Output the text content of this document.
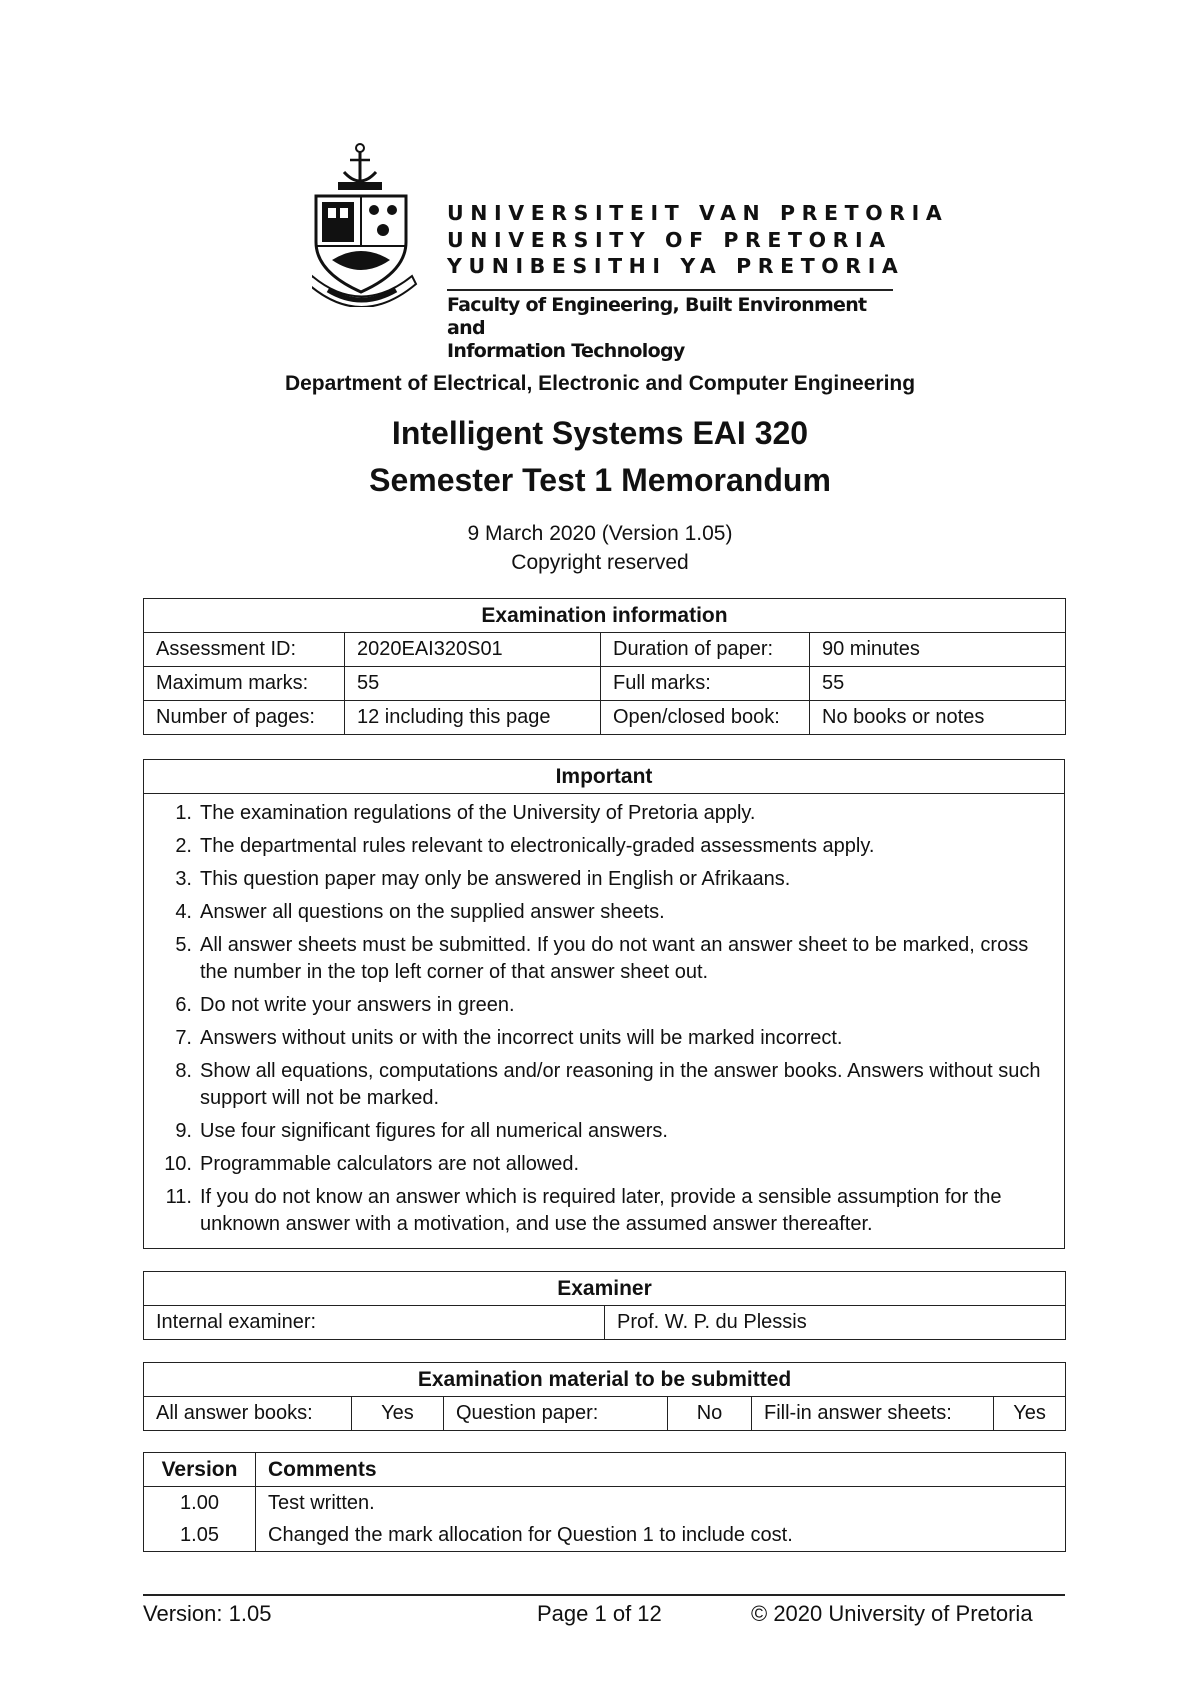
UNIVERSITEIT VAN PRETORIA
UNIVERSITY OF PRETORIA
YUNIBESITHI YA PRETORIA
Faculty of Engineering, Built Environment and
Information Technology
Department of Electrical, Electronic and Computer Engineering
Intelligent Systems EAI 320
Semester Test 1 Memorandum
9 March 2020 (Version 1.05)
Copyright reserved
Examination information			
Assessment ID:	2020EAI320S01	Duration of paper:	90 minutes
Maximum marks:	55	Full marks:	55
Number of pages:	12 including this page	Open/closed book:	No books or notes
Important

1. The examination regulations of the University of Pretoria apply.
2. The departmental rules relevant to electronically-graded assessments apply.
3. This question paper may only be answered in English or Afrikaans.
4. Answer all questions on the supplied answer sheets.
5. All answer sheets must be submitted. If you do not want an answer sheet to be marked, cross the number in the top left corner of that answer sheet out.
6. Do not write your answers in green.
7. Answers without units or with the incorrect units will be marked incorrect.
8. Show all equations, computations and/or reasoning in the answer books. Answers without such support will not be marked.
9. Use four significant figures for all numerical answers.
10. Programmable calculators are not allowed.
11. If you do not know an answer which is required later, provide a sensible assumption for the unknown answer with a motivation, and use the assumed answer thereafter.
Examiner
Internal examiner:	Prof. W. P. du Plessis
Examination material to be submitted
All answer books:	Yes	Question paper:	No	Fill-in answer sheets:	Yes
Version	Comments
1.00	Test written.
1.05	Changed the mark allocation for Question 1 to include cost.
Version: 1.05	Page 1 of 12	© 2020 University of Pretoria
